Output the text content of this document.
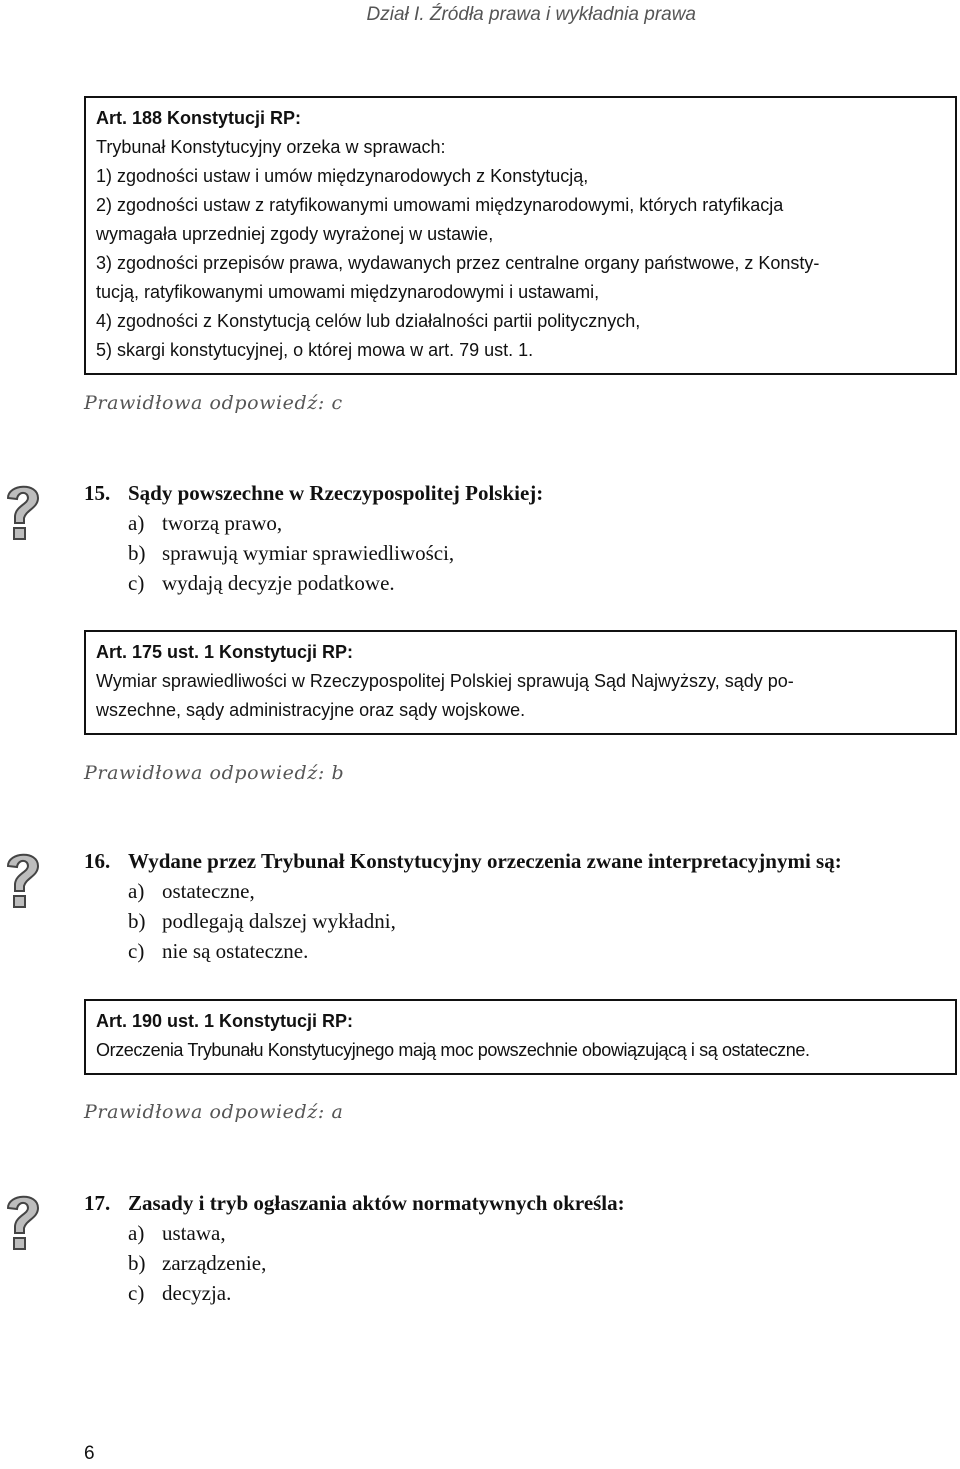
Dział I. Źródła prawa i wykładnia prawa
Art. 188 Konstytucji RP:
Trybunał Konstytucyjny orzeka w sprawach:
1) zgodności ustaw i umów międzynarodowych z Konstytucją,
2) zgodności ustaw z ratyfikowanymi umowami międzynarodowymi, których ratyfikacja
wymagała uprzedniej zgody wyrażonej w ustawie,
3) zgodności przepisów prawa, wydawanych przez centralne organy państwowe, z Konsty-
tucją, ratyfikowanymi umowami międzynarodowymi i ustawami,
4) zgodności z Konstytucją celów lub działalności partii politycznych,
5) skargi konstytucyjnej, o której mowa w art. 79 ust. 1.
Prawidłowa odpowiedź: c
15. Sądy powszechne w Rzeczypospolitej Polskiej:
a) tworzą prawo,
b) sprawują wymiar sprawiedliwości,
c) wydają decyzje podatkowe.
Art. 175 ust. 1 Konstytucji RP:
Wymiar sprawiedliwości w Rzeczypospolitej Polskiej sprawują Sąd Najwyższy, sądy po-
wszechne, sądy administracyjne oraz sądy wojskowe.
Prawidłowa odpowiedź: b
16. Wydane przez Trybunał Konstytucyjny orzeczenia zwane interpretacyjnymi są:
a) ostateczne,
b) podlegają dalszej wykładni,
c) nie są ostateczne.
Art. 190 ust. 1 Konstytucji RP:
Orzeczenia Trybunału Konstytucyjnego mają moc powszechnie obowiązującą i są ostateczne.
Prawidłowa odpowiedź: a
17. Zasady i tryb ogłaszania aktów normatywnych określa:
a) ustawa,
b) zarządzenie,
c) decyzja.
6
